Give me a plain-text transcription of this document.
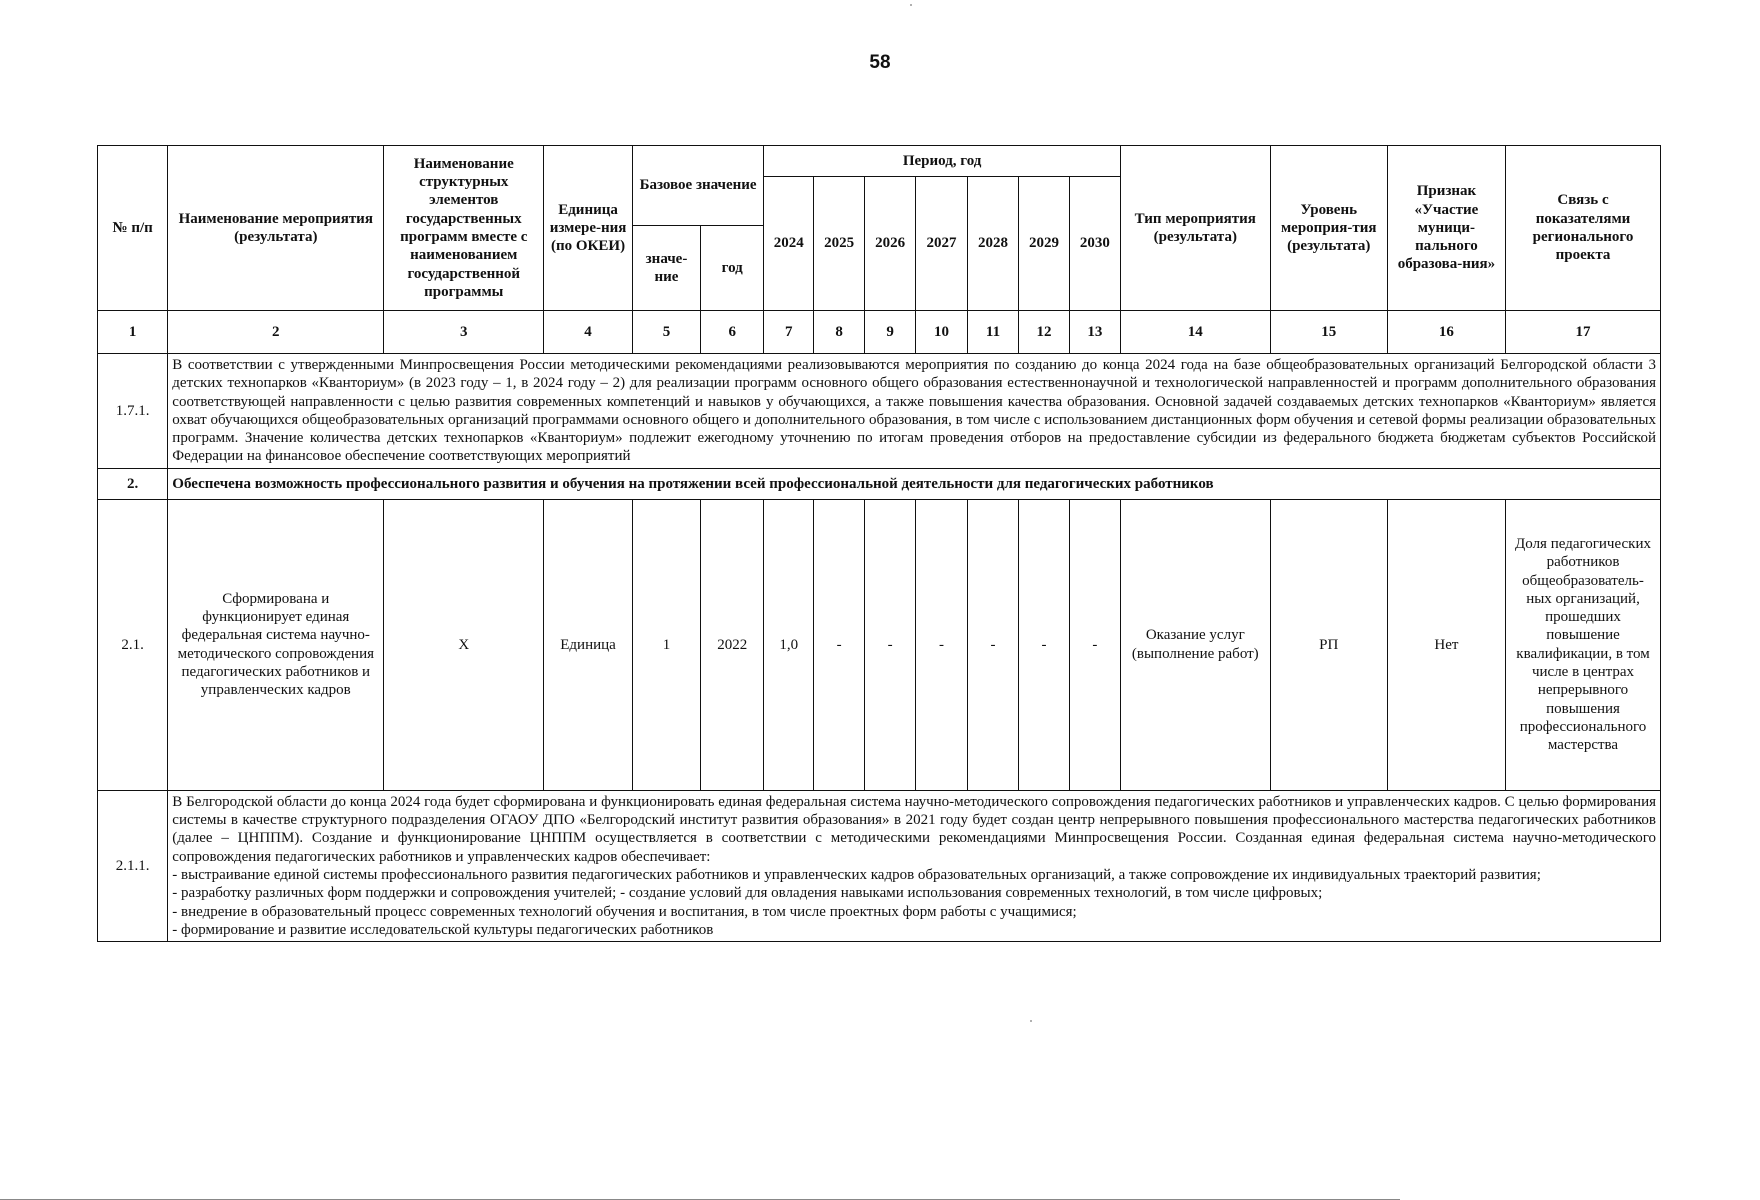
58
№ п/п	Наименование мероприятия (результата)	Наименование структурных элементов государственных программ вместе с наименованием государственной программы	Единица измере-ния (по ОКЕИ)	Базовое значение		Период, год							Тип мероприятия (результата)	Уровень мероприя-тия (результата)	Признак «Участие муници-пального образова-ния»	Связь с показателями регионального проекта
						2024	2025	2026	2027	2028	2029	2030				
				значе-ние	год											
1	2	3	4	5	6	7	8	9	10	11	12	13	14	15	16	17
1.7.1.	В соответствии с утвержденными Минпросвещения России методическими рекомендациями реализовываются мероприятия по созданию до конца 2024 года на базе общеобразовательных организаций Белгородской области 3 детских технопарков «Кванториум» (в 2023 году – 1, в 2024 году – 2) для реализации программ основного общего образования естественнонаучной и технологической направленностей и программ дополнительного образования соответствующей направленности с целью развития современных компетенций и навыков у обучающихся, а также повышения качества образования. Основной задачей создаваемых детских технопарков «Кванториум» является охват обучающихся общеобразовательных организаций программами основного общего и дополнительного образования, в том числе с использованием дистанционных форм обучения и сетевой формы реализации образовательных программ. Значение количества детских технопарков «Кванториум» подлежит ежегодному уточнению по итогам проведения отборов на предоставление субсидии из федерального бюджета бюджетам субъектов Российской Федерации на финансовое обеспечение соответствующих мероприятий															
2.	Обеспечена возможность профессионального развития и обучения на протяжении всей профессиональной деятельности для педагогических работников															
2.1.	Сформирована и функционирует единая федеральная система научно-методического сопровождения педагогических работников и управленческих кадров	Х	Единица	1	2022	1,0	-	-	-	-	-	-	Оказание услуг (выполнение работ)	РП	Нет	Доля педагогических работников общеобразователь-ных организаций, прошедших повышение квалификации, в том числе в центрах непрерывного повышения профессионального мастерства
2.1.1.	В Белгородской области до конца 2024 года будет сформирована и функционировать единая федеральная система научно-методического сопровождения педагогических работников и управленческих кадров. С целью формирования системы в качестве структурного подразделения ОГАОУ ДПО «Белгородский институт развития образования» в 2021 году будет создан центр непрерывного повышения профессионального мастерства педагогических работников (далее – ЦНППМ). Создание и функционирование ЦНППМ осуществляется в соответствии с методическими рекомендациями Минпросвещения России. Созданная единая федеральная система научно-методического сопровождения педагогических работников и управленческих кадров обеспечивает:
- выстраивание единой системы профессионального развития педагогических работников и управленческих кадров образовательных организаций, а также сопровождение их индивидуальных траекторий развития;
- разработку различных форм поддержки и сопровождения учителей; - создание условий для овладения навыками использования современных технологий, в том числе цифровых;
- внедрение в образовательный процесс современных технологий обучения и воспитания, в том числе проектных форм работы с учащимися;
- формирование и развитие исследовательской культуры педагогических работников															
